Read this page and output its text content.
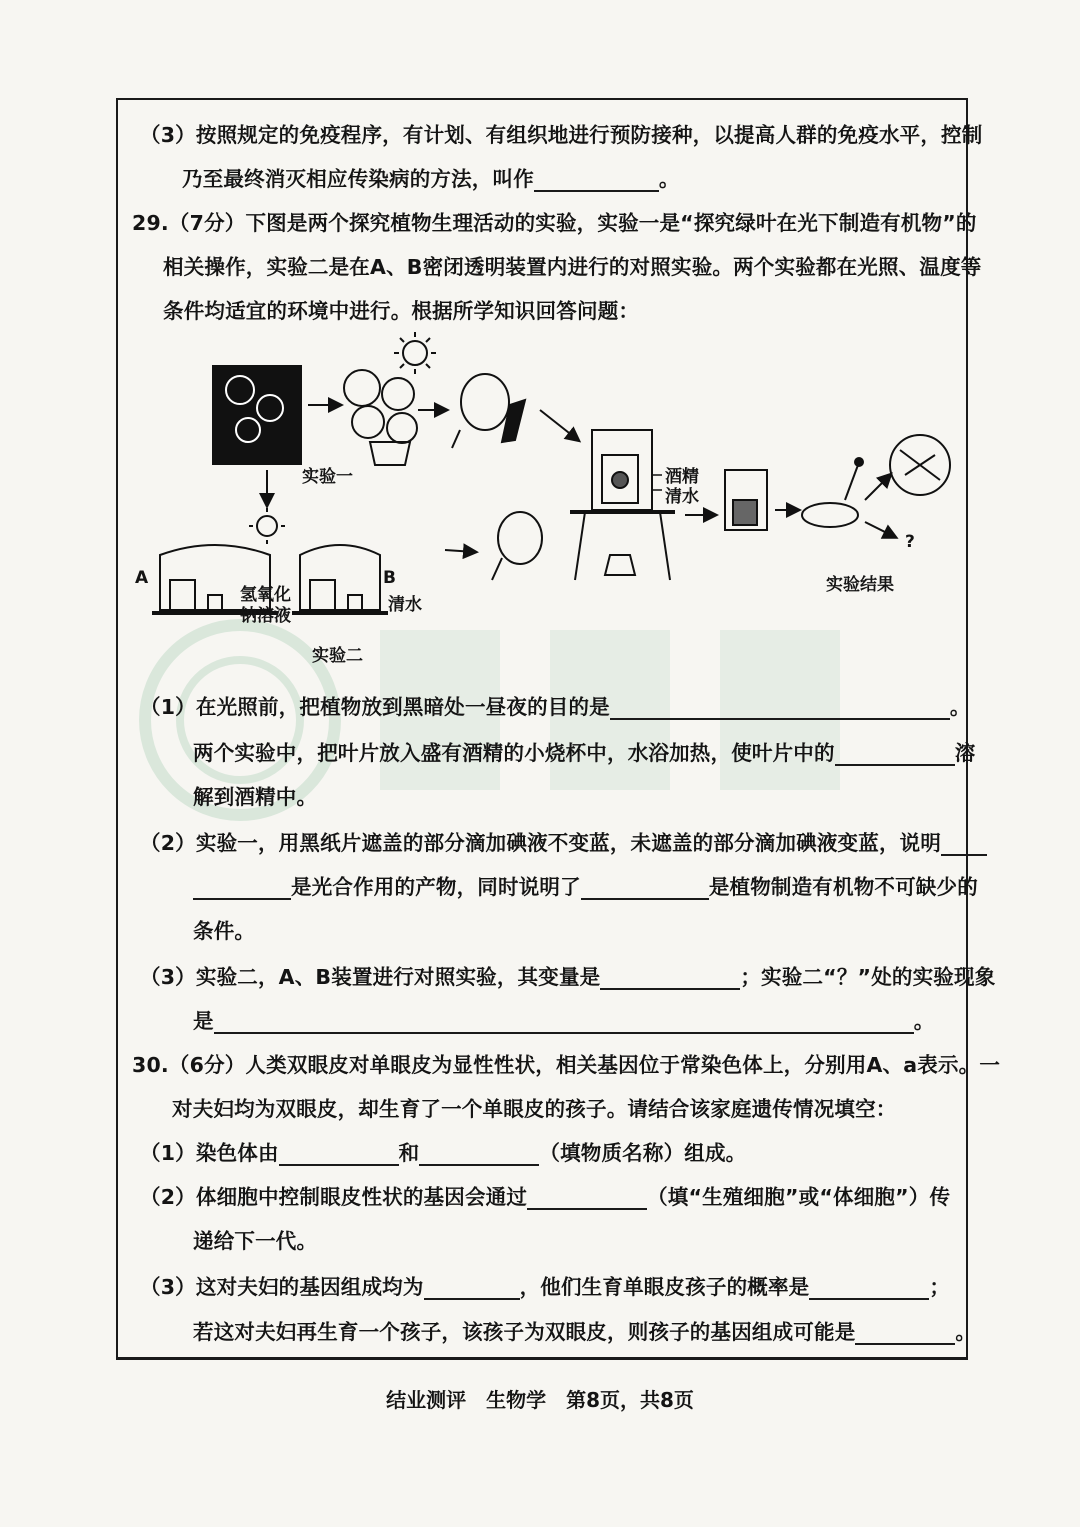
（3）按照规定的免疫程序，有计划、有组织地进行预防接种，以提高人群的免疫水平，控制
乃至最终消灭相应传染病的方法，叫作	。
29.（7分）下图是两个探究植物生理活动的实验，实验一是“探究绿叶在光下制造有机物”的
相关操作，实验二是在A、B密闭透明装置内进行的对照实验。两个实验都在光照、温度等
条件均适宜的环境中进行。根据所学知识回答问题：
实验一
实验二
实验结果
酒精
清水
氢氧化
钠溶液
清水
A	B
?
（1）在光照前，把植物放到黑暗处一昼夜的目的是	。
两个实验中，把叶片放入盛有酒精的小烧杯中，水浴加热，使叶片中的	溶
解到酒精中。
（2）实验一，用黑纸片遮盖的部分滴加碘液不变蓝，未遮盖的部分滴加碘液变蓝，说明
是光合作用的产物，同时说明了	是植物制造有机物不可缺少的
条件。
（3）实验二，A、B装置进行对照实验，其变量是	；实验二“？”处的实验现象
是	。
30.（6分）人类双眼皮对单眼皮为显性性状，相关基因位于常染色体上，分别用A、a表示。一
对夫妇均为双眼皮，却生育了一个单眼皮的孩子。请结合该家庭遗传情况填空：
（1）染色体由	和	（填物质名称）组成。
（2）体细胞中控制眼皮性状的基因会通过	（填“生殖细胞”或“体细胞”）传
递给下一代。
（3）这对夫妇的基因组成均为	，他们生育单眼皮孩子的概率是	；
若这对夫妇再生育一个孩子，该孩子为双眼皮，则孩子的基因组成可能是	。
结业测评　生物学　第8页，共8页
